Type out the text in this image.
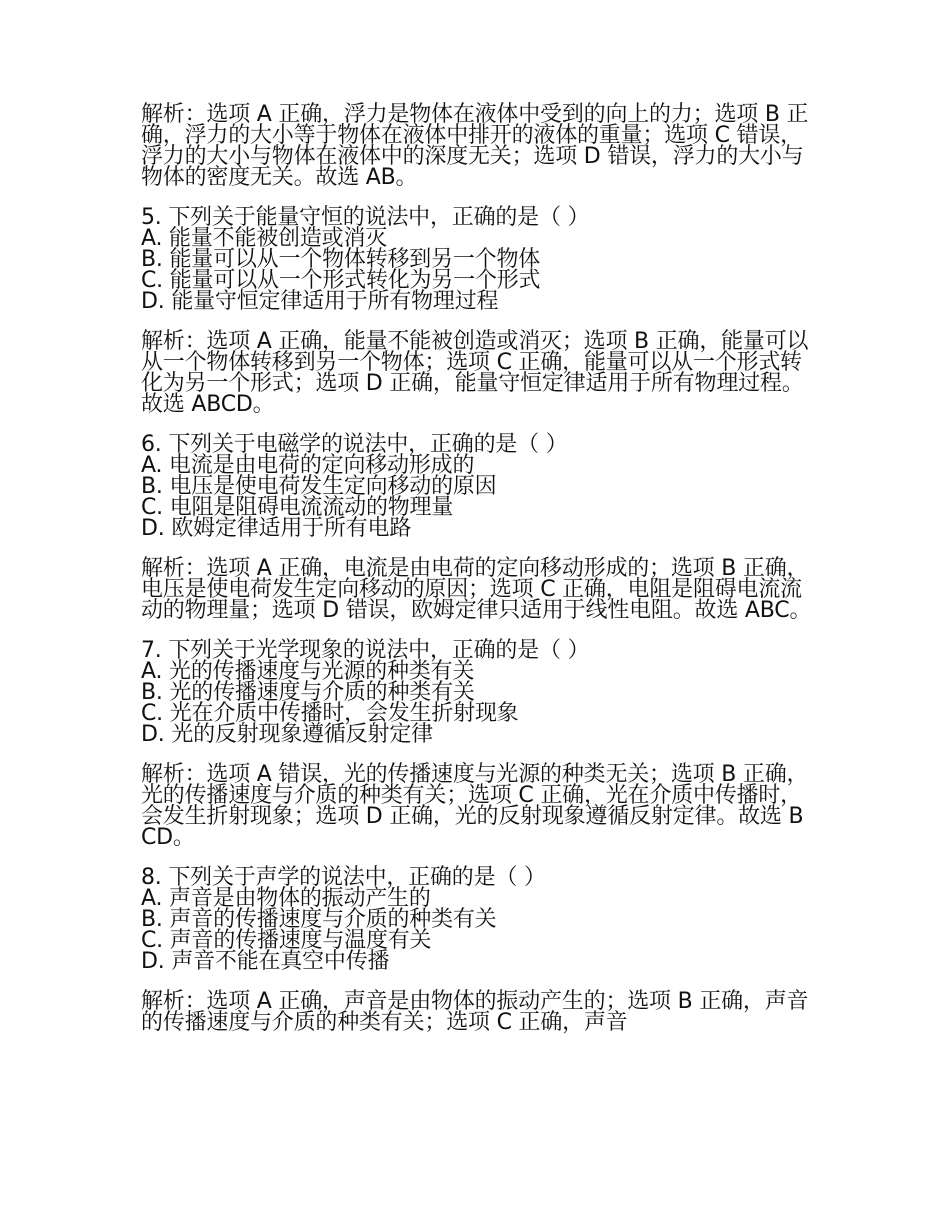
解析：选项 A 正确，浮力是物体在液体中受到的向上的力；选项 B 正确，浮力的大小等于物体在液体中排开的液体的重量；选项 C 错误，浮力的大小与物体在液体中的深度无关；选项 D 错误，浮力的大小与物体的密度无关。故选 AB。

5. 下列关于能量守恒的说法中，正确的是（ ）
A. 能量不能被创造或消灭
B. 能量可以从一个物体转移到另一个物体
C. 能量可以从一个形式转化为另一个形式
D. 能量守恒定律适用于所有物理过程

解析：选项 A 正确，能量不能被创造或消灭；选项 B 正确，能量可以从一个物体转移到另一个物体；选项 C 正确，能量可以从一个形式转化为另一个形式；选项 D 正确，能量守恒定律适用于所有物理过程。故选 ABCD。

6. 下列关于电磁学的说法中，正确的是（ ）
A. 电流是由电荷的定向移动形成的
B. 电压是使电荷发生定向移动的原因
C. 电阻是阻碍电流流动的物理量
D. 欧姆定律适用于所有电路

解析：选项 A 正确，电流是由电荷的定向移动形成的；选项 B 正确，电压是使电荷发生定向移动的原因；选项 C 正确，电阻是阻碍电流流动的物理量；选项 D 错误，欧姆定律只适用于线性电阻。故选 ABC。

7. 下列关于光学现象的说法中，正确的是（ ）
A. 光的传播速度与光源的种类有关
B. 光的传播速度与介质的种类有关
C. 光在介质中传播时，会发生折射现象
D. 光的反射现象遵循反射定律

解析：选项 A 错误，光的传播速度与光源的种类无关；选项 B 正确，光的传播速度与介质的种类有关；选项 C 正确，光在介质中传播时，会发生折射现象；选项 D 正确，光的反射现象遵循反射定律。故选 BCD。

8. 下列关于声学的说法中，正确的是（ ）
A. 声音是由物体的振动产生的
B. 声音的传播速度与介质的种类有关
C. 声音的传播速度与温度有关
D. 声音不能在真空中传播

解析：选项 A 正确，声音是由物体的振动产生的；选项 B 正确，声音的传播速度与介质的种类有关；选项 C 正确，声音
